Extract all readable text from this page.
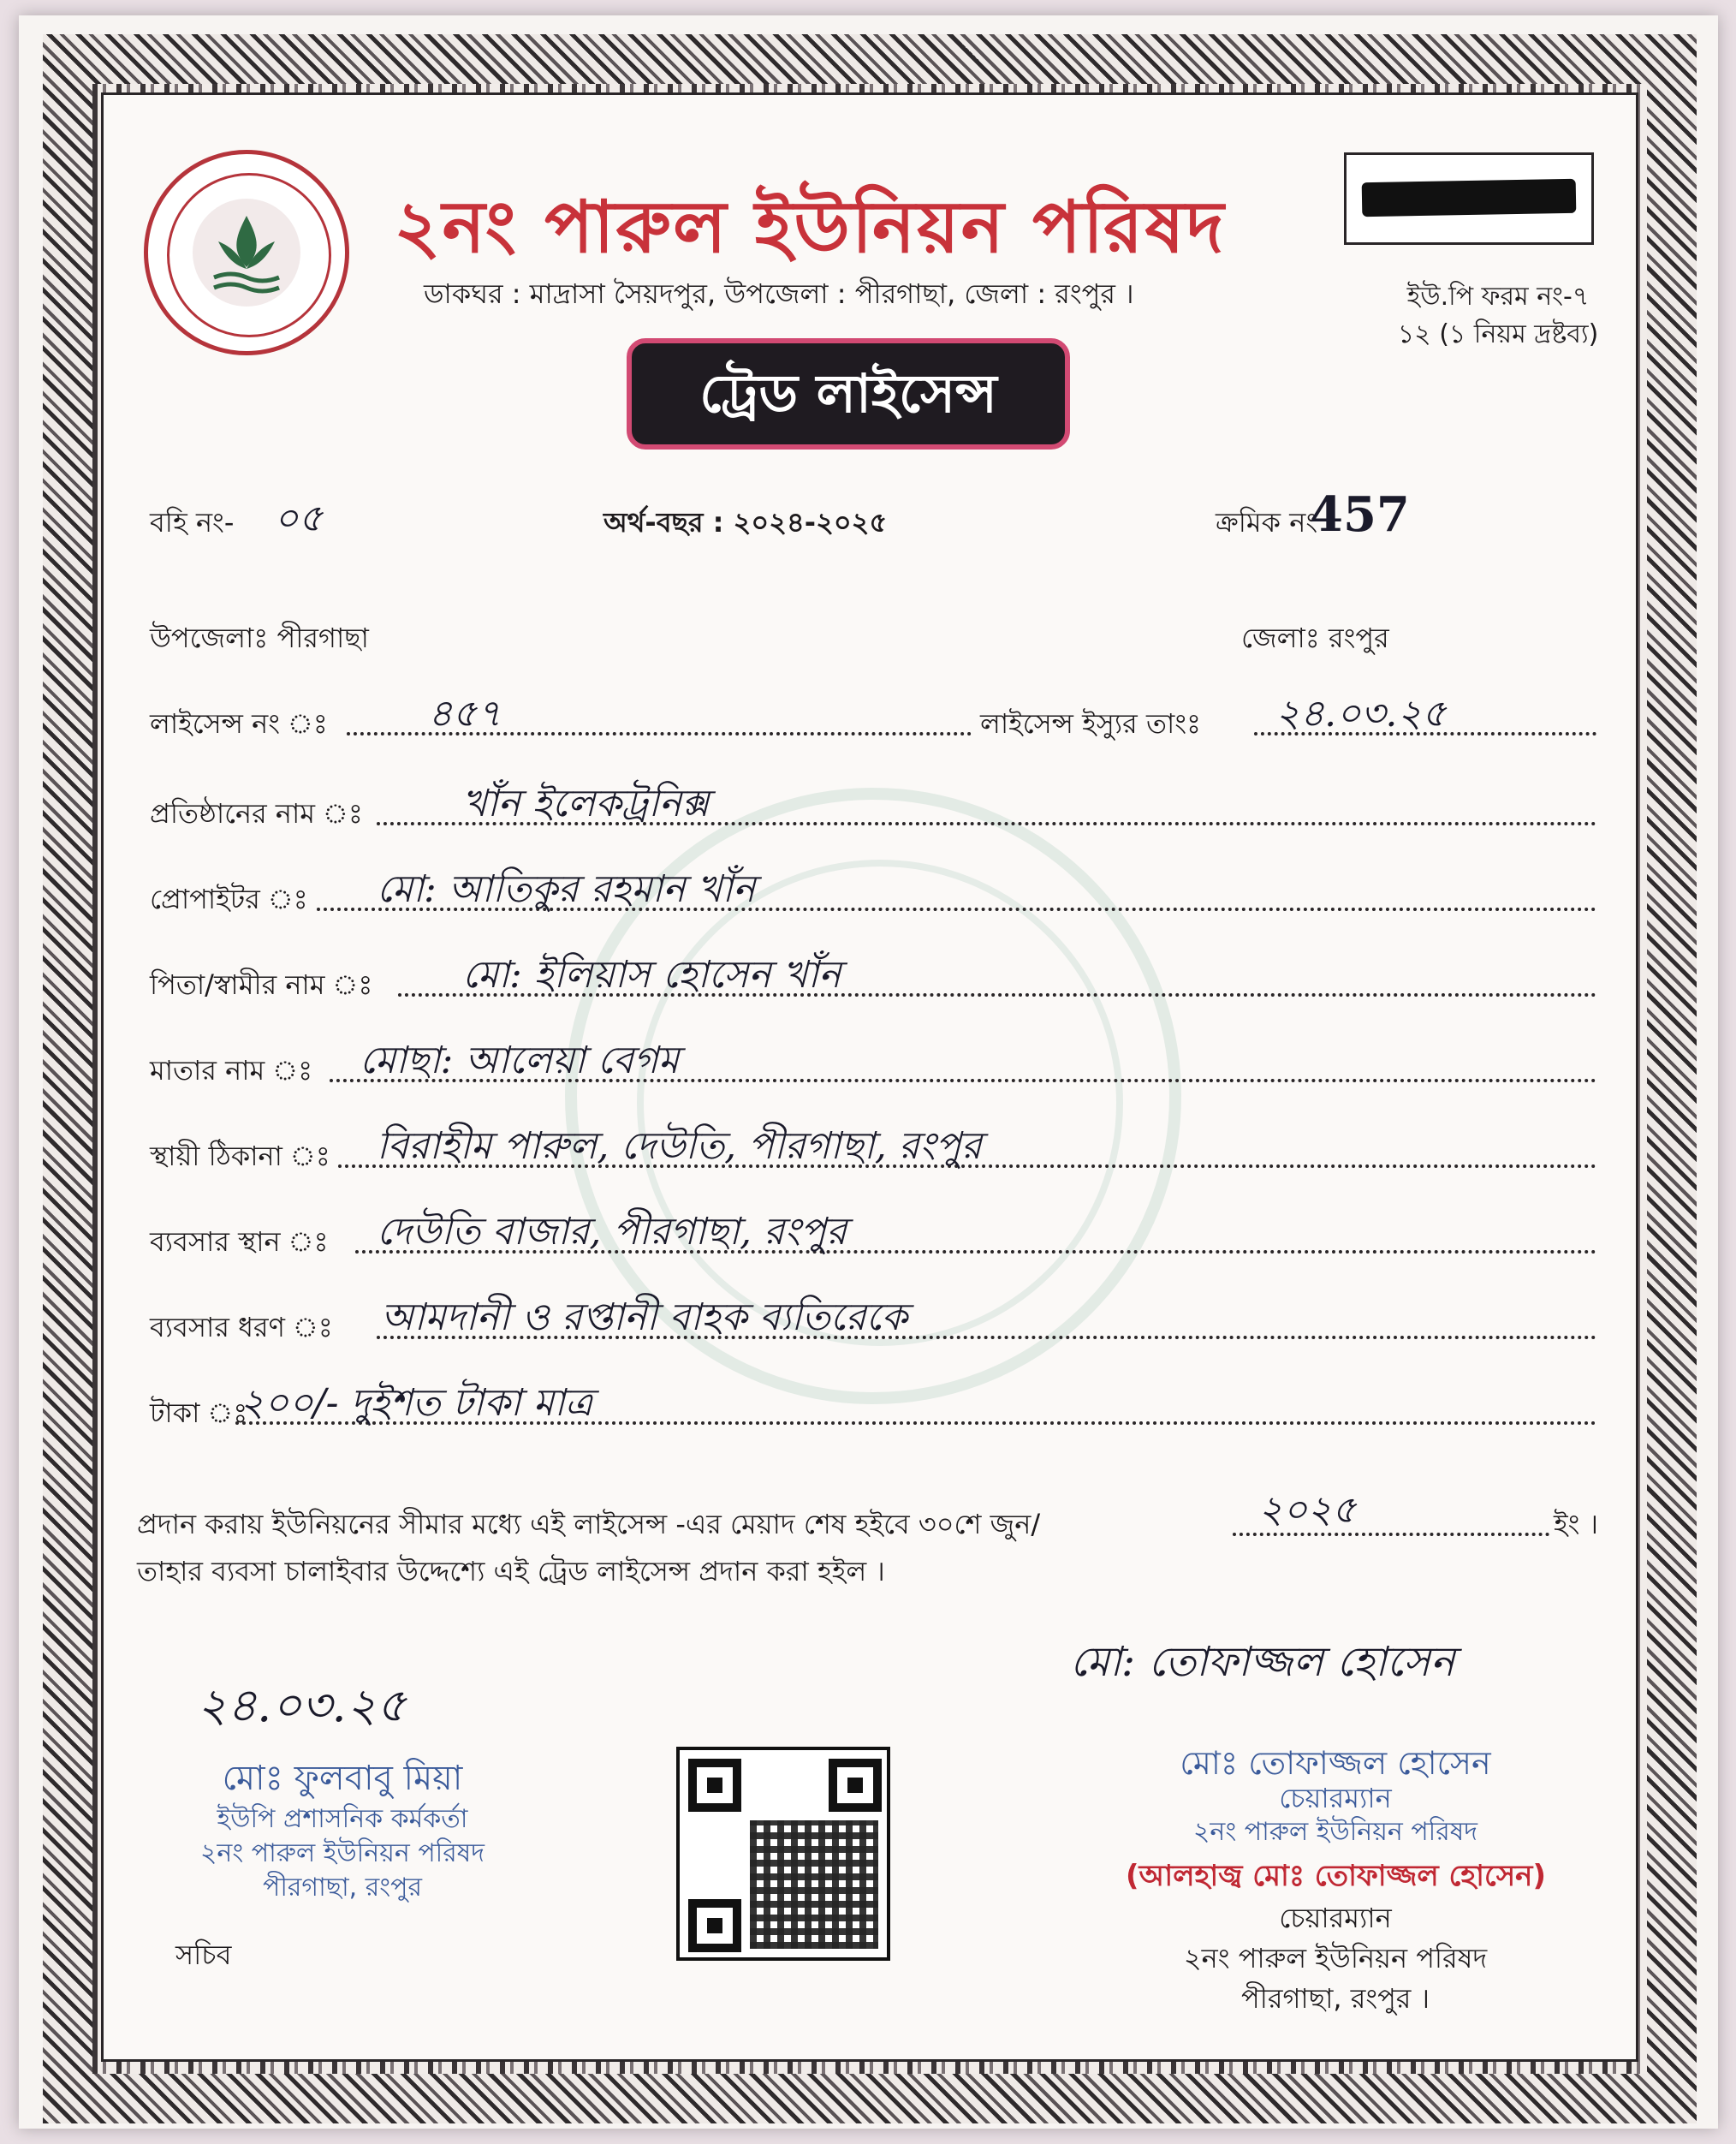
২নং পারুল ইউনিয়ন পরিষদ
ডাকঘর : মাদ্রাসা সৈয়দপুর, উপজেলা : পীরগাছা, জেলা : রংপুর ।	ইউ.পি ফরম নং-৭
১২ (১ নিয়ম দ্রষ্টব্য)
ট্রেড লাইসেন্স
বহি নং- ০৫	অর্থ-বছর : ২০২৪-২০২৫	ক্রমিক নং
457
উপজেলাঃ পীরগাছা	জেলাঃ রংপুর
লাইসেন্স নং ঃ	৪৫৭	লাইসেন্স ইস্যুর তাংঃ ২৪.০৩.২৫
প্রতিষ্ঠানের নাম ঃ	খাঁন ইলেকট্রনিক্স
প্রোপাইটর ঃ মো: আতিকুর রহমান খাঁন
পিতা/স্বামীর নাম ঃ মো: ইলিয়াস হোসেন খাঁন
মাতার নাম ঃ মোছা: আলেয়া বেগম
স্থায়ী ঠিকানা ঃ বিরাহীম পারুল, দেউতি, পীরগাছা, রংপুর
ব্যবসার স্থান ঃ দেউতি বাজার, পীরগাছা, রংপুর
ব্যবসার ধরণ ঃ আমদানী ও রপ্তানী বাহক ব্যতিরেকে
টাকা ঃ
২০০/- দুইশত টাকা মাত্র
প্রদান করায় ইউনিয়নের সীমার মধ্যে এই লাইসেন্স -এর মেয়াদ শেষ হইবে ৩০শে জুন/	২০২৫	ইং ।
তাহার ব্যবসা চালাইবার উদ্দেশ্যে এই ট্রেড লাইসেন্স প্রদান করা হইল ।
২৪.০৩.২৫
মোঃ ফুলবাবু মিয়া
ইউপি প্রশাসনিক কর্মকর্তা
২নং পারুল ইউনিয়ন পরিষদ
পীরগাছা, রংপুর
সচিব
মো: তোফাজ্জল হোসেন
মোঃ তোফাজ্জল হোসেন
চেয়ারম্যান
২নং পারুল ইউনিয়ন পরিষদ
(আলহাজ্ব মোঃ তোফাজ্জল হোসেন)
চেয়ারম্যান
২নং পারুল ইউনিয়ন পরিষদ
পীরগাছা, রংপুর ।
